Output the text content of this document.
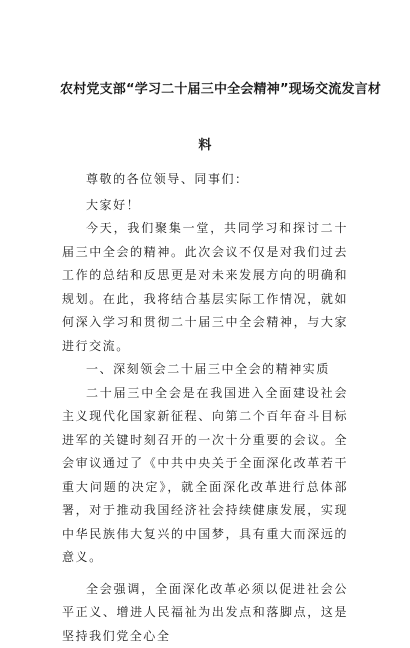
农村党支部“学习二十届三中全会精神”现场交流发言材
料

尊敬的各位领导、同事们：

大家好！

今天，我们聚集一堂，共同学习和探讨二十届三中全会的精神。此次会议不仅是对我们过去工作的总结和反思更是对未来发展方向的明确和规划。在此，我将结合基层实际工作情况，就如何深入学习和贯彻二十届三中全会精神，与大家进行交流。

一、深刻领会二十届三中全会的精神实质

二十届三中全会是在我国进入全面建设社会主义现代化国家新征程、向第二个百年奋斗目标进军的关键时刻召开的一次十分重要的会议。全会审议通过了《中共中央关于全面深化改革若干重大问题的决定》，就全面深化改革进行总体部署，对于推动我国经济社会持续健康发展，实现中华民族伟大复兴的中国梦，具有重大而深远的意义。

全会强调，全面深化改革必须以促进社会公平正义、增进人民福祉为出发点和落脚点，这是坚持我们党全心全
